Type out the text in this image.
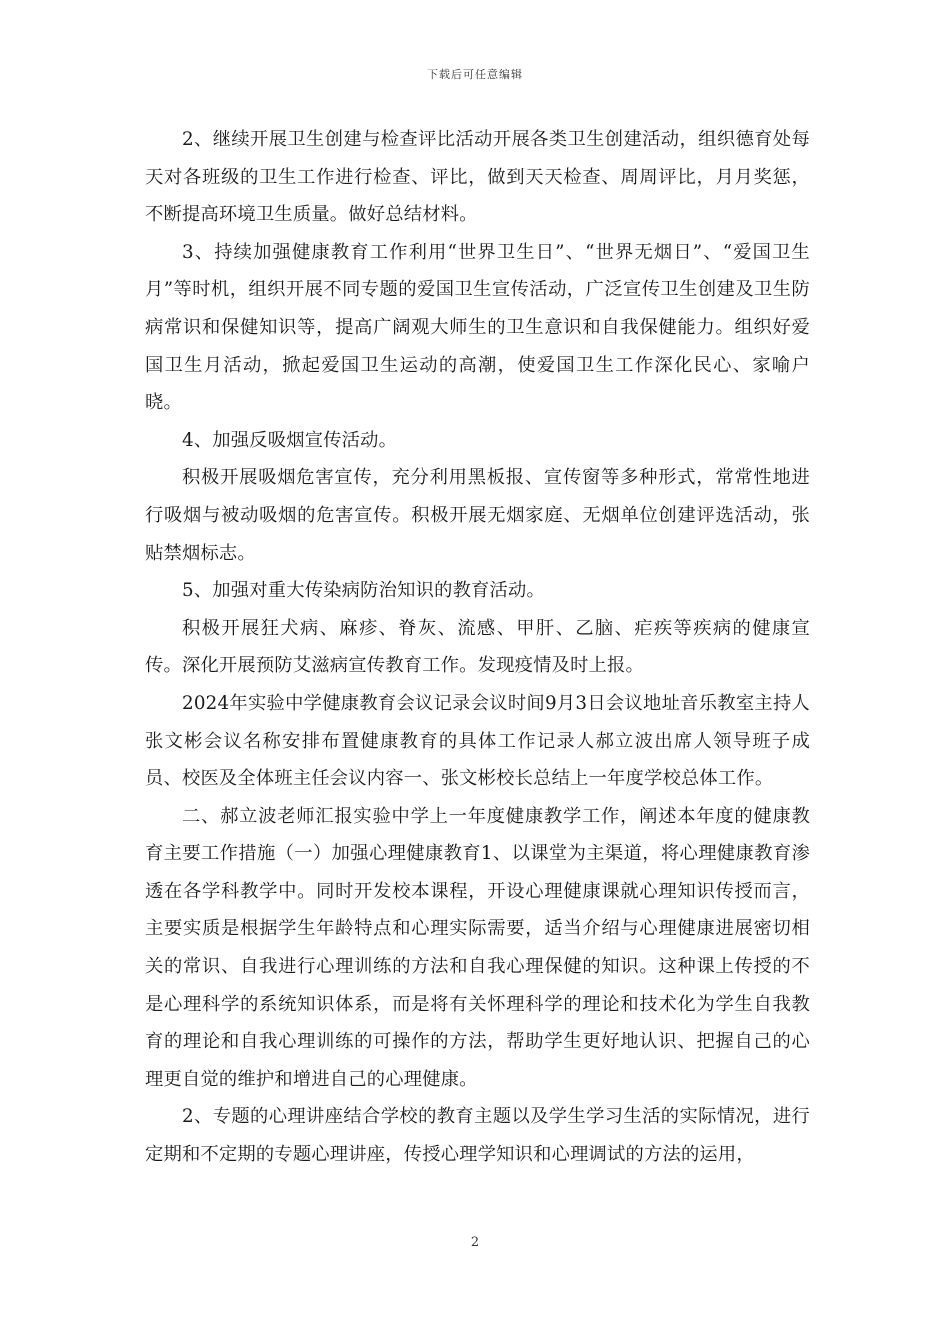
下载后可任意编辑

2、继续开展卫生创建与检查评比活动开展各类卫生创建活动，组织德育处每天对各班级的卫生工作进行检查、评比，做到天天检查、周周评比，月月奖惩，不断提高环境卫生质量。做好总结材料。

3、持续加强健康教育工作利用“世界卫生日”、“世界无烟日”、“爱国卫生月”等时机，组织开展不同专题的爱国卫生宣传活动，广泛宣传卫生创建及卫生防病常识和保健知识等，提高广阔观大师生的卫生意识和自我保健能力。组织好爱国卫生月活动，掀起爱国卫生运动的高潮，使爱国卫生工作深化民心、家喻户晓。

4、加强反吸烟宣传活动。

积极开展吸烟危害宣传，充分利用黑板报、宣传窗等多种形式，常常性地进行吸烟与被动吸烟的危害宣传。积极开展无烟家庭、无烟单位创建评选活动，张贴禁烟标志。

5、加强对重大传染病防治知识的教育活动。

积极开展狂犬病、麻疹、脊灰、流感、甲肝、乙脑、疟疾等疾病的健康宣传。深化开展预防艾滋病宣传教育工作。发现疫情及时上报。

2024年实验中学健康教育会议记录会议时间9月3日会议地址音乐教室主持人张文彬会议名称安排布置健康教育的具体工作记录人郝立波出席人领导班子成员、校医及全体班主任会议内容一、张文彬校长总结上一年度学校总体工作。

二、郝立波老师汇报实验中学上一年度健康教学工作，阐述本年度的健康教育主要工作措施（一）加强心理健康教育1、以课堂为主渠道，将心理健康教育渗透在各学科教学中。同时开发校本课程，开设心理健康课就心理知识传授而言，主要实质是根据学生年龄特点和心理实际需要，适当介绍与心理健康进展密切相关的常识、自我进行心理训练的方法和自我心理保健的知识。这种课上传授的不是心理科学的系统知识体系，而是将有关怀理科学的理论和技术化为学生自我教育的理论和自我心理训练的可操作的方法，帮助学生更好地认识、把握自己的心理更自觉的维护和增进自己的心理健康。

2、专题的心理讲座结合学校的教育主题以及学生学习生活的实际情况，进行定期和不定期的专题心理讲座，传授心理学知识和心理调试的方法的运用，

2
